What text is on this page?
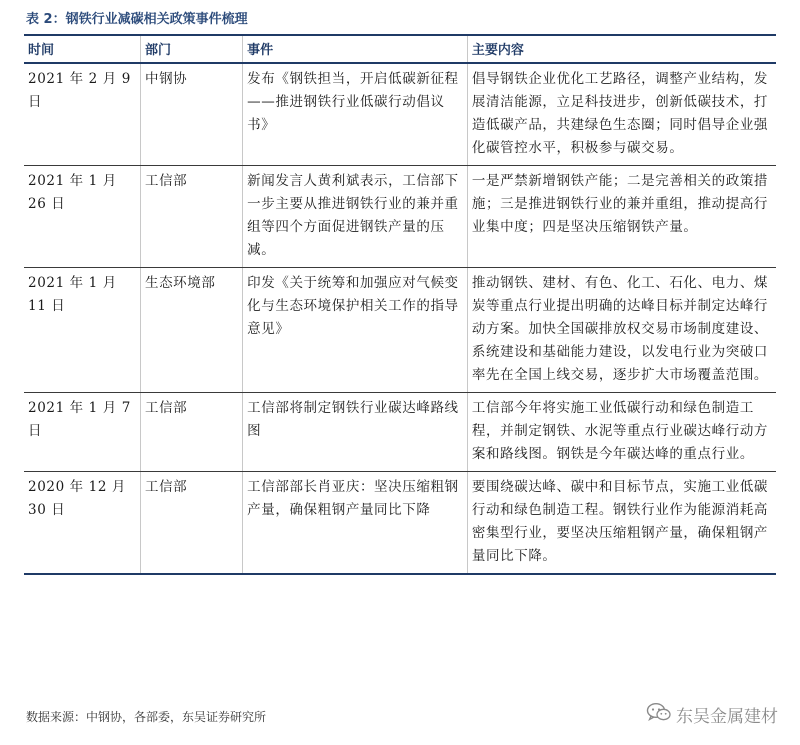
表 2：钢铁行业减碳相关政策事件梳理
时间	部门	事件	主要内容
2021 年 2 月 9 日	中钢协	发布《钢铁担当，开启低碳新征程 ——推进钢铁行业低碳行动倡议书》	倡导钢铁企业优化工艺路径，调整产业结构，发展清洁能源，立足科技进步，创新低碳技术，打造低碳产品，共建绿色生态圈；同时倡导企业强化碳管控水平，积极参与碳交易。
2021 年 1 月 26 日	工信部	新闻发言人黄利斌表示，工信部下一步主要从推进钢铁行业的兼并重组等四个方面促进钢铁产量的压减。	一是严禁新增钢铁产能；二是完善相关的政策措施；三是推进钢铁行业的兼并重组，推动提高行业集中度；四是坚决压缩钢铁产量。
2021 年 1 月 11 日	生态环境部	印发《关于统筹和加强应对气候变化与生态环境保护相关工作的指导意见》	推动钢铁、建材、有色、化工、石化、电力、煤炭等重点行业提出明确的达峰目标并制定达峰行动方案。加快全国碳排放权交易市场制度建设、系统建设和基础能力建设，以发电行业为突破口率先在全国上线交易，逐步扩大市场覆盖范围。
2021 年 1 月 7 日	工信部	工信部将制定钢铁行业碳达峰路线图	工信部今年将实施工业低碳行动和绿色制造工程，并制定钢铁、水泥等重点行业碳达峰行动方案和路线图。钢铁是今年碳达峰的重点行业。
2020 年 12 月 30 日	工信部	工信部部长肖亚庆：坚决压缩粗钢产量，确保粗钢产量同比下降	要围绕碳达峰、碳中和目标节点，实施工业低碳行动和绿色制造工程。钢铁行业作为能源消耗高密集型行业，要坚决压缩粗钢产量，确保粗钢产量同比下降。
数据来源：中钢协，各部委，东吴证券研究所	东吴金属建材
